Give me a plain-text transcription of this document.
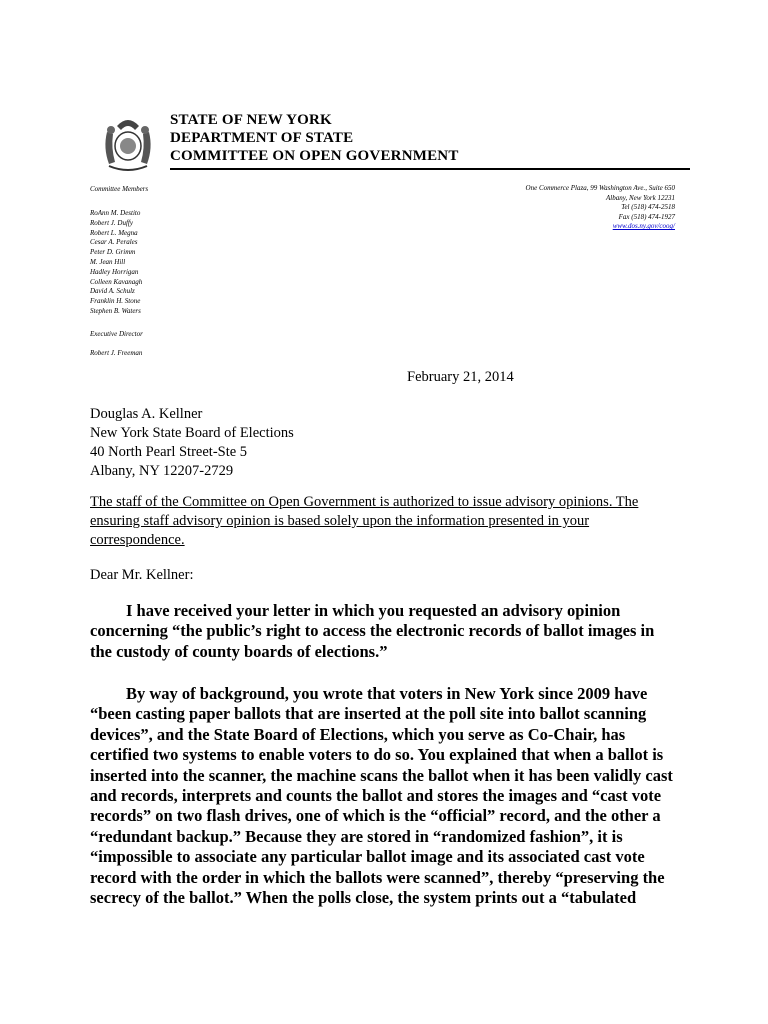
STATE OF NEW YORK
DEPARTMENT OF STATE
COMMITTEE ON OPEN GOVERNMENT
Committee Members
RoAnn M. Destito
Robert J. Duffy
Robert L. Megna
Cesar A. Perales
Peter D. Grimm
M. Jean Hill
Hadley Horrigan
Colleen Kavanagh
David A. Schulz
Franklin H. Stone
Stephen B. Waters
Executive Director
Robert J. Freeman
One Commerce Plaza, 99 Washington Ave., Suite 650
Albany, New York 12231
Tel (518) 474-2518
Fax (518) 474-1927
www.dos.ny.gov/coog/
February 21, 2014
Douglas A. Kellner
New York State Board of Elections
40 North Pearl Street-Ste 5
Albany, NY 12207-2729
The staff of the Committee on Open Government is authorized to issue advisory opinions. The
ensuring staff advisory opinion is based solely upon the information presented in your
correspondence.
Dear Mr. Kellner:
I have received your letter in which you requested an advisory opinion
concerning “the public’s right to access the electronic records of ballot images in
the custody of county boards of elections.”
By way of background, you wrote that voters in New York since 2009 have
“been casting paper ballots that are inserted at the poll site into ballot scanning
devices”, and the State Board of Elections, which you serve as Co-Chair, has
certified two systems to enable voters to do so. You explained that when a ballot is
inserted into the scanner, the machine scans the ballot when it has been validly cast
and records, interprets and counts the ballot and stores the images and “cast vote
records” on two flash drives, one of which is the “official” record, and the other a
“redundant backup.” Because they are stored in “randomized fashion”, it is
“impossible to associate any particular ballot image and its associated cast vote
record with the order in which the ballots were scanned”, thereby “preserving the
secrecy of the ballot.” When the polls close, the system prints out a “tabulated
